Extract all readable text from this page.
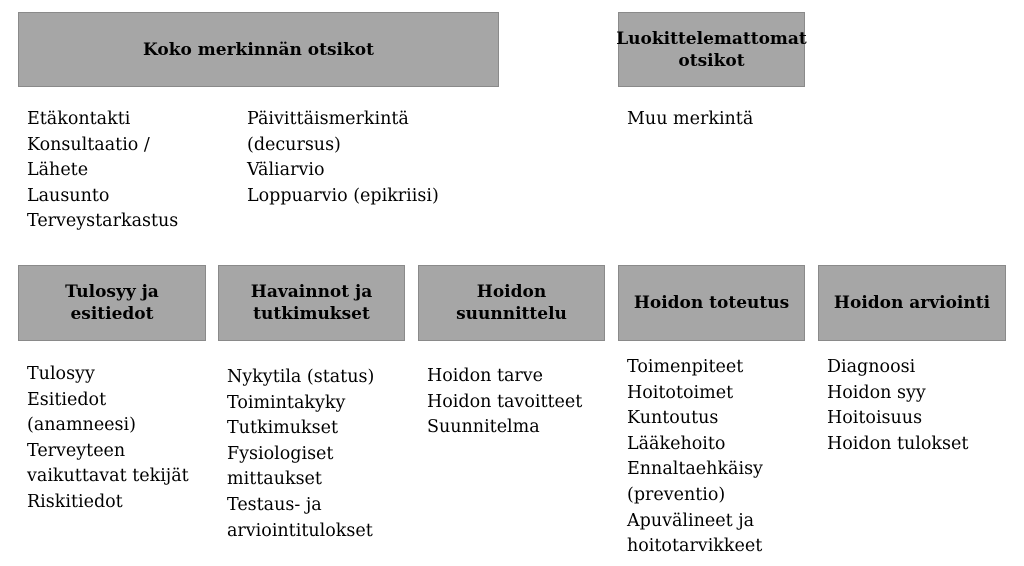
Koko merkinnän otsikot
Luokittelemattomat
otsikot
Etäkontakti
Konsultaatio /
Lähete
Lausunto
Terveystarkastus
Päivittäismerkintä
(decursus)
Väliarvio
Loppuarvio (epikriisi)
Muu merkintä
Tulosyy ja
esitiedot
Havainnot ja
tutkimukset
Hoidon
suunnittelu
Hoidon toteutus	Hoidon arviointi
Tulosyy
Esitiedot
(anamneesi)
Terveyteen
vaikuttavat tekijät
Riskitiedot
Nykytila (status)
Toimintakyky
Tutkimukset
Fysiologiset
mittaukset
Testaus- ja
arviointitulokset
Hoidon tarve
Hoidon tavoitteet
Suunnitelma
Toimenpiteet
Hoitotoimet
Kuntoutus
Lääkehoito
Ennaltaehkäisy
(preventio)
Apuvälineet ja
hoitotarvikkeet
Diagnoosi
Hoidon syy
Hoitoisuus
Hoidon tulokset
